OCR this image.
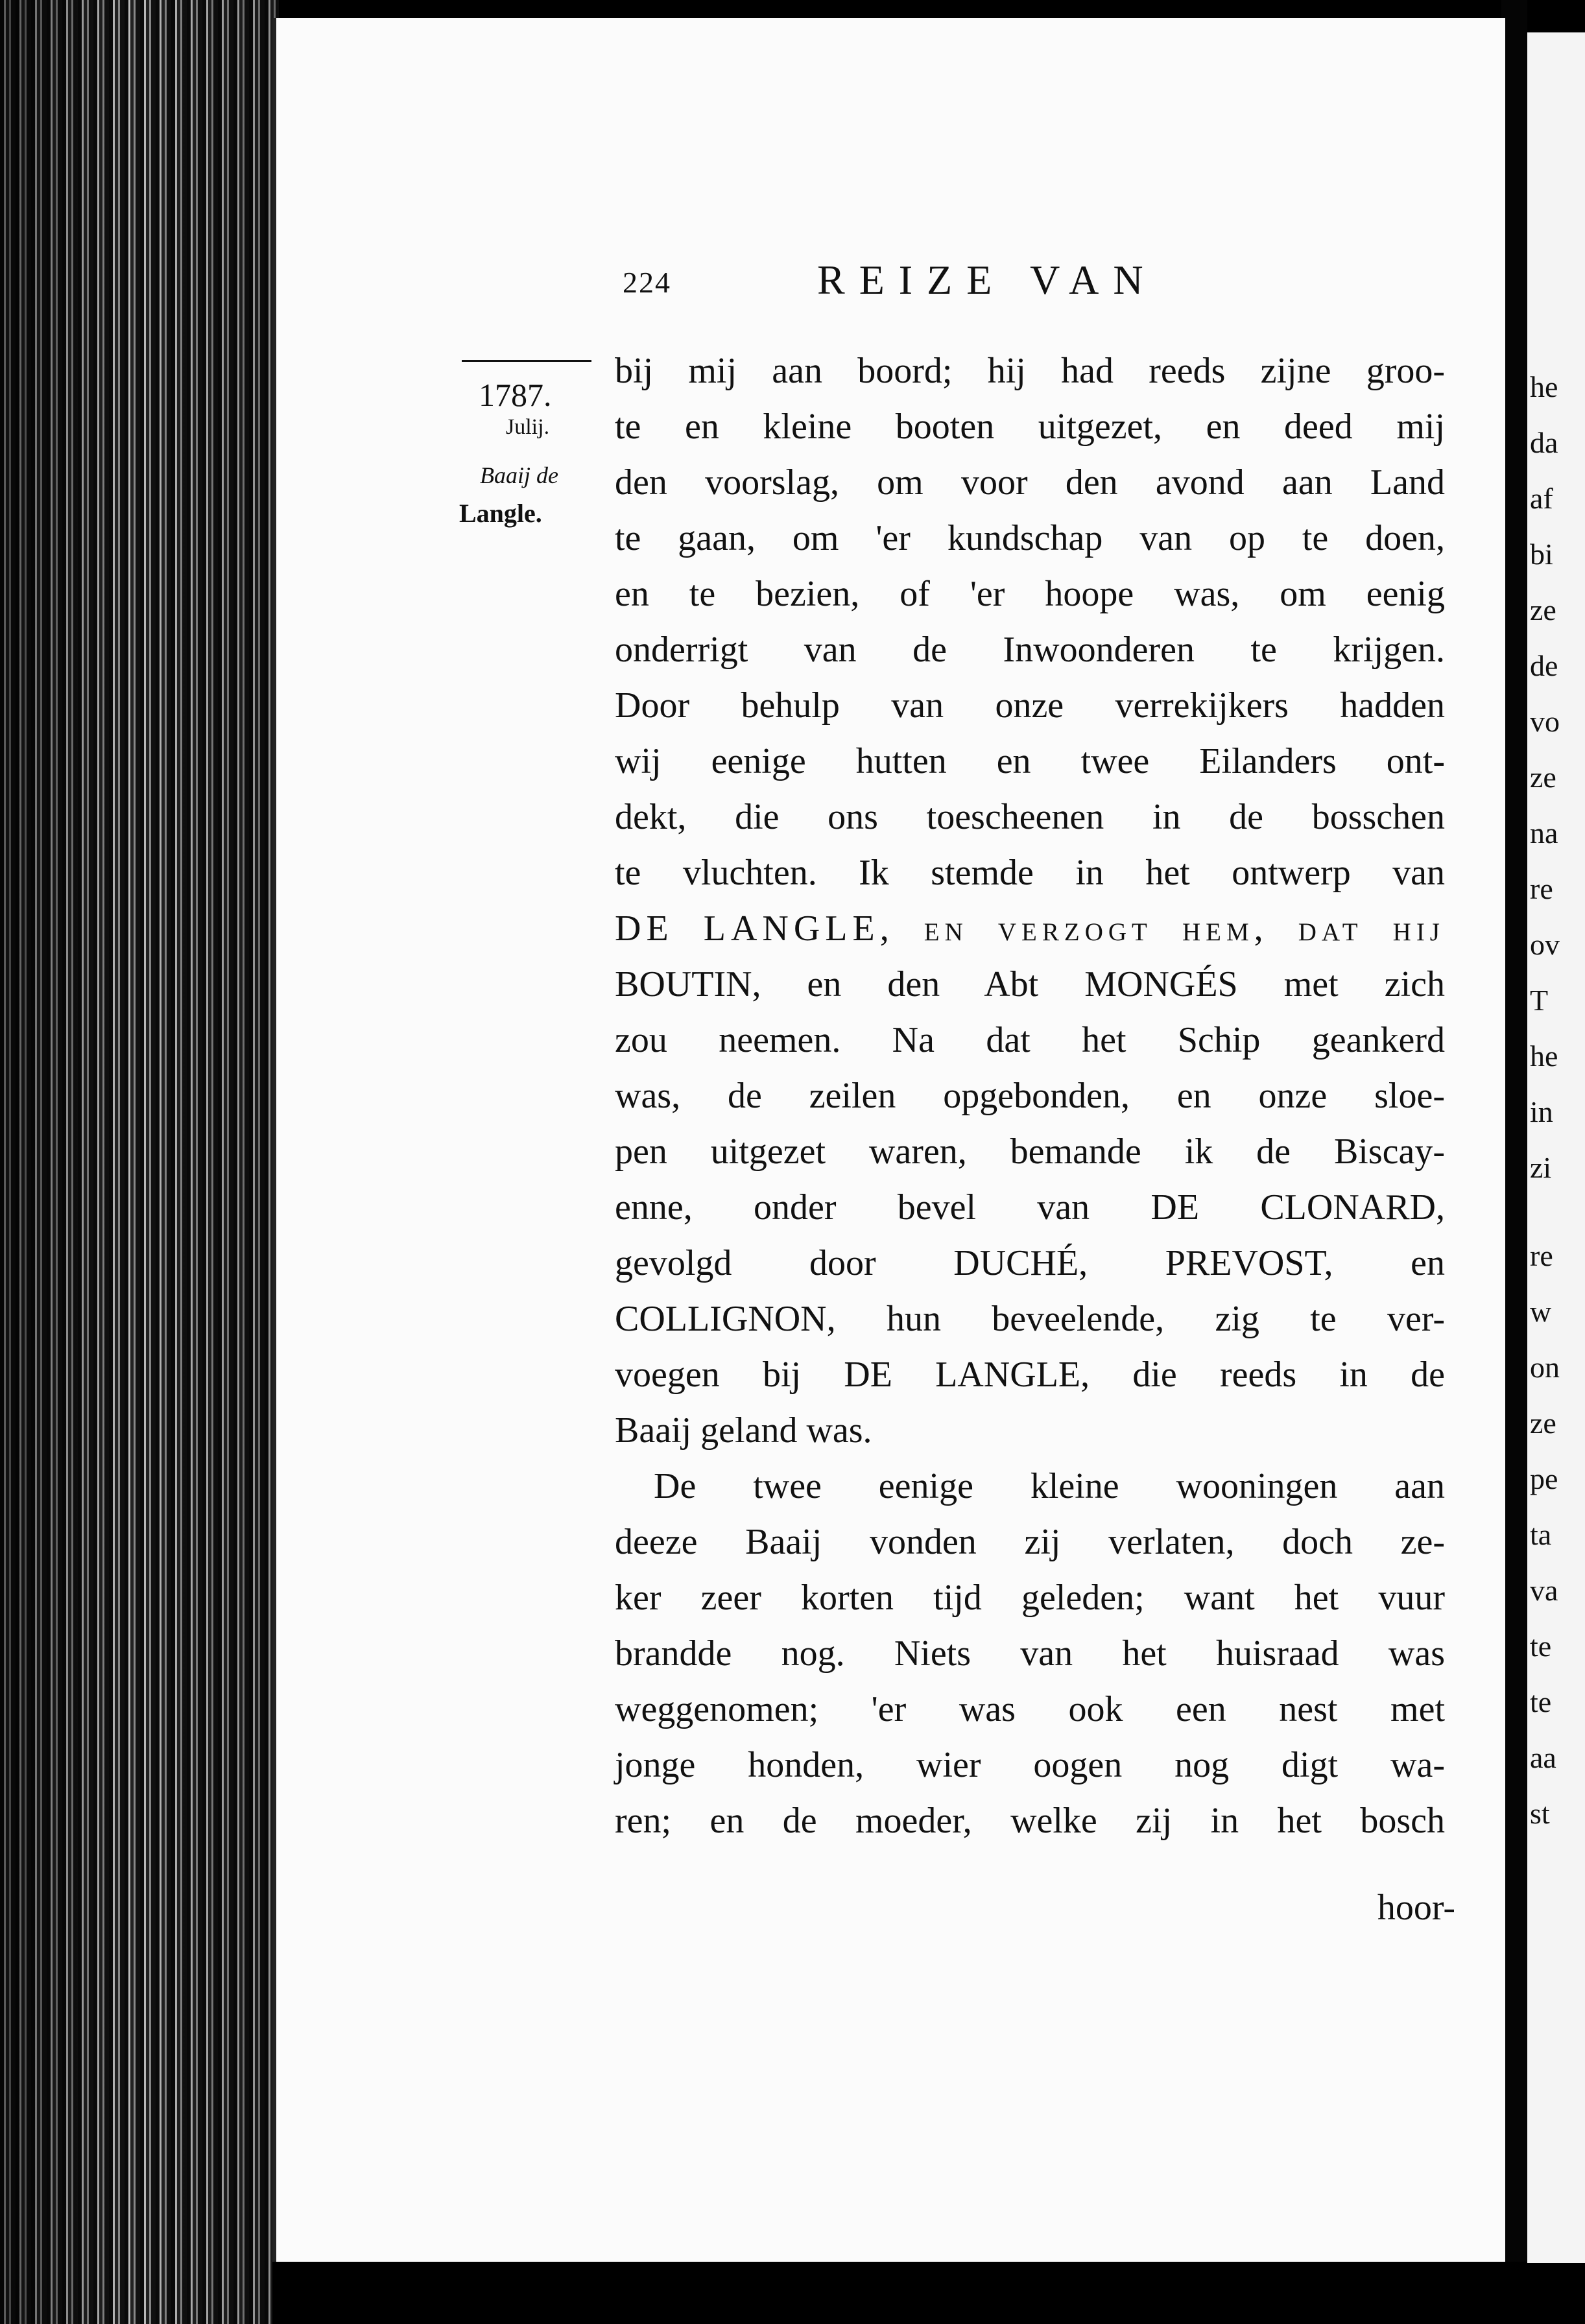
he
da
af
bi
ze
de
vo
ze
na
re
ov
T
he
in
zi
re
w
on
ze
pe
ta
va
te
te
aa
st
224	REIZE VAN
1787.
Julij.
Baaij de
Langle.
bij mij aan boord; hij had reeds zijne groo-
te en kleine booten uitgezet, en deed mij
den voorslag, om voor den avond aan Land
te gaan, om 'er kundschap van op te doen,
en te bezien, of 'er hoope was, om eenig
onderrigt van de Inwoonderen te krijgen.
Door behulp van onze verrekijkers hadden
wij eenige hutten en twee Eilanders ont-
dekt, die ons toescheenen in de bosschen
te vluchten. Ik stemde in het ontwerp van
DE LANGLE, en verzogt hem, dat hij
BOUTIN, en den Abt MONGÉS met zich
zou neemen. Na dat het Schip geankerd
was, de zeilen opgebonden, en onze sloe-
pen uitgezet waren, bemande ik de Biscay-
enne, onder bevel van DE CLONARD,
gevolgd door DUCHÉ, PREVOST, en
COLLIGNON, hun beveelende, zig te ver-
voegen bij DE LANGLE, die reeds in de
Baaij geland was.
De twee eenige kleine wooningen aan
deeze Baaij vonden zij verlaten, doch ze-
ker zeer korten tijd geleden; want het vuur
brandde nog. Niets van het huisraad was
weggenomen; 'er was ook een nest met
jonge honden, wier oogen nog digt wa-
ren; en de moeder, welke zij in het bosch
hoor-
